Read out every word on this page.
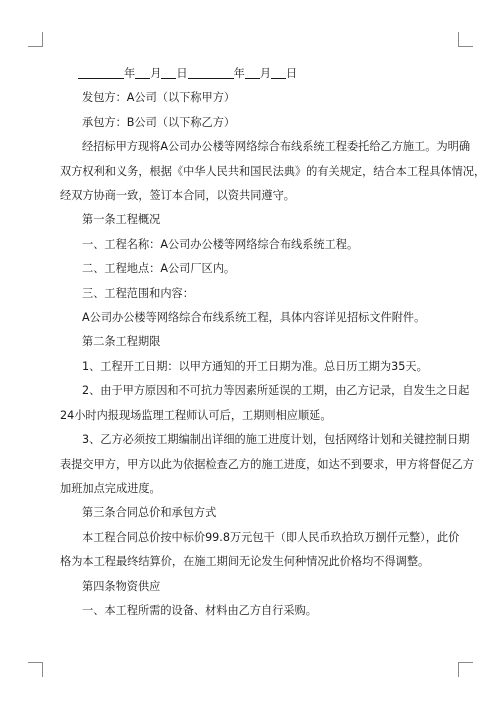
年 月 日	年 月 日
发包方：A公司（以下称甲方）
承包方：B公司（以下称乙方）
经招标甲方现将A公司办公楼等网络综合布线系统工程委托给乙方施工。为明确
双方权利和义务，根据《中华人民共和国民法典》的有关规定，结合本工程具体情况，
经双方协商一致，签订本合同，以资共同遵守。
第一条工程概况
一、工程名称：A公司办公楼等网络综合布线系统工程。
二、工程地点：A公司厂区内。
三、工程范围和内容：
A公司办公楼等网络综合布线系统工程，具体内容详见招标文件附件。
第二条工程期限
1、工程开工日期：以甲方通知的开工日期为准。总日历工期为35天。
2、由于甲方原因和不可抗力等因素所延误的工期，由乙方记录，自发生之日起
24小时内报现场监理工程师认可后，工期则相应顺延。
3、乙方必须按工期编制出详细的施工进度计划，包括网络计划和关键控制日期
表提交甲方，甲方以此为依据检查乙方的施工进度，如达不到要求，甲方将督促乙方
加班加点完成进度。
第三条合同总价和承包方式
本工程合同总价按中标价99.8万元包干（即人民币玖拾玖万捌仟元整），此价
格为本工程最终结算价，在施工期间无论发生何种情况此价格均不得调整。
第四条物资供应
一、本工程所需的设备、材料由乙方自行采购。
